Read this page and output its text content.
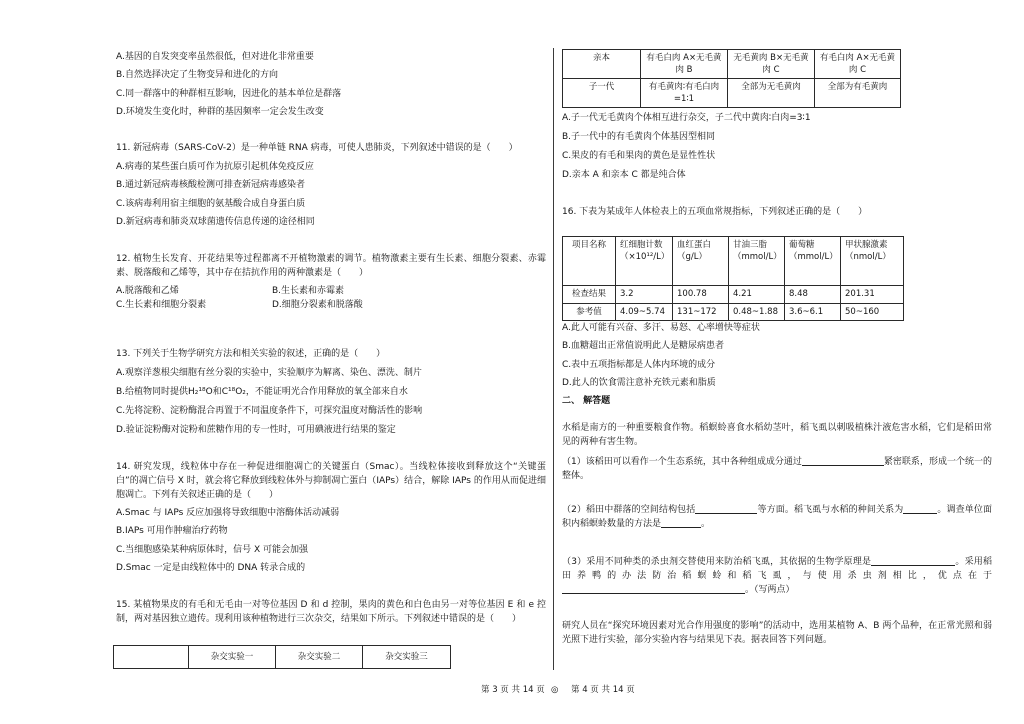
A.基因的自发突变率虽然很低，但对进化非常重要
B.自然选择决定了生物变异和进化的方向
C.同一群落中的种群相互影响，因进化的基本单位是群落
D.环境发生变化时，种群的基因频率一定会发生改变
11. 新冠病毒（SARS-CoV-2）是一种单链 RNA 病毒，可使人患肺炎，下列叙述中错误的是（　　）
A.病毒的某些蛋白质可作为抗原引起机体免疫反应
B.通过新冠病毒核酸检测可排查新冠病毒感染者
C.该病毒利用宿主细胞的氨基酸合成自身蛋白质
D.新冠病毒和肺炎双球菌遗传信息传递的途径相同
12. 植物生长发育、开花结果等过程都离不开植物激素的调节。植物激素主要有生长素、细胞分裂素、赤霉素、脱落酸和乙烯等，其中存在拮抗作用的两种激素是（　　）
A.脱落酸和乙烯	B.生长素和赤霉素
C.生长素和细胞分裂素	D.细胞分裂素和脱落酸
13. 下列关于生物学研究方法和相关实验的叙述，正确的是（　　）
A.观察洋葱根尖细胞有丝分裂的实验中，实验顺序为解离、染色、漂洗、制片
B.给植物同时提供H₂¹⁸O和C¹⁸O₂，不能证明光合作用释放的氧全部来自水
C.先将淀粉、淀粉酶混合再置于不同温度条件下，可探究温度对酶活性的影响
D.验证淀粉酶对淀粉和蔗糖作用的专一性时，可用碘液进行结果的鉴定
14. 研究发现，线粒体中存在一种促进细胞凋亡的关键蛋白（Smac）。当线粒体接收到释放这个“关键蛋白”的凋亡信号 X 时，就会将它释放到线粒体外与抑制凋亡蛋白（IAPs）结合，解除 IAPs 的作用从而促进细胞凋亡。下列有关叙述正确的是（　　）
A.Smac 与 IAPs 反应加强将导致细胞中溶酶体活动减弱
B.IAPs 可用作肿瘤治疗药物
C.当细胞感染某种病原体时，信号 X 可能会加强
D.Smac 一定是由线粒体中的 DNA 转录合成的
15. 某植物果皮的有毛和无毛由一对等位基因 D 和 d 控制，果肉的黄色和白色由另一对等位基因 E 和 e 控制，两对基因独立遗传。现利用该种植物进行三次杂交，结果如下所示。下列叙述中错误的是（　　）
	杂交实验一	杂交实验二	杂交实验三
亲本	有毛白肉 A×无毛黄肉 B	无毛黄肉 B×无毛黄肉 C	有毛白肉 A×无毛黄肉 C
子一代	有毛黄肉∶有毛白肉=1∶1	全部为无毛黄肉	全部为有毛黄肉
A.子一代无毛黄肉个体相互进行杂交，子二代中黄肉∶白肉=3∶1
B.子一代中的有毛黄肉个体基因型相同
C.果皮的有毛和果肉的黄色是显性性状
D.亲本 A 和亲本 C 都是纯合体
16. 下表为某成年人体检表上的五项血常规指标，下列叙述正确的是（　　）
项目名称	红细胞计数（×10¹²/L）	血红蛋白（g/L）	甘油三脂（mmol/L）	葡萄糖（mmol/L）	甲状腺激素（nmol/L）
检查结果	3.2	100.78	4.21	8.48	201.31
参考值	4.09~5.74	131~172	0.48~1.88	3.6~6.1	50~160
A.此人可能有兴奋、多汗、易怒、心率增快等症状
B.血糖超出正常值说明此人是糖尿病患者
C.表中五项指标都是人体内环境的成分
D.此人的饮食需注意补充铁元素和脂质
二、 解答题
水稻是南方的一种重要粮食作物。稻螟蛉喜食水稻幼茎叶，稻飞虱以刺吸植株汁液危害水稻，它们是稻田常见的两种有害生物。
（1）该稻田可以看作一个生态系统，其中各种组成成分通过	紧密联系，形成一个统一的整体。
（2）稻田中群落的空间结构包括	等方面。稻飞虱与水稻的种间关系为	。调查单位面积内稻螟蛉数量的方法是	。
（3）采用不同种类的杀虫剂交替使用来防治稻飞虱，其依据的生物学原理是	。采用稻田养鸭的办法防治稻螟蛉和稻飞虱，与使用杀虫剂相比，优点在于。（写两点）
研究人员在“探究环境因素对光合作用强度的影响”的活动中，选用某植物 A、B 两个品种，在正常光照和弱光照下进行实验，部分实验内容与结果见下表。据表回答下列问题。
第 3 页 共 14 页 ◎ 第 4 页 共 14 页
